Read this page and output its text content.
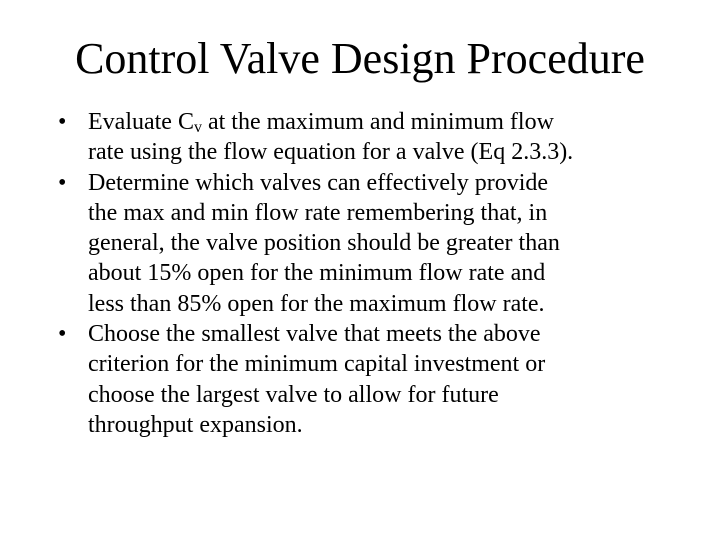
Control Valve Design Procedure
• Evaluate $C_v$ at the maximum and minimum flow
rate using the flow equation for a valve (Eq 2.3.3).
• Determine which valves can effectively provide
the max and min flow rate remembering that, in
general, the valve position should be greater than
about 15% open for the minimum flow rate and
less than 85% open for the maximum flow rate.
• Choose the smallest valve that meets the above
criterion for the minimum capital investment or
choose the largest valve to allow for future
throughput expansion.
